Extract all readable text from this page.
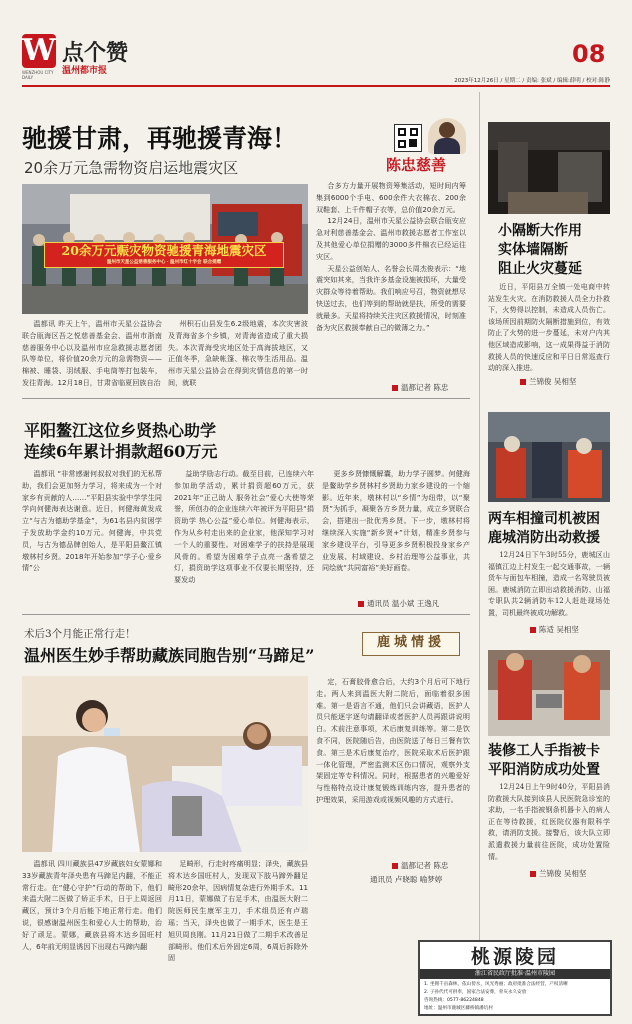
W
WENZHOU CITY DAILY
点个赞
温州都市报
08
2023年12月26日 / 星期二 / 责编: 张斌 / 编辑:薛明 / 校对:陈静
驰援甘肃，再驰援青海！
20余万元急需物资启运地震灾区	陈忠慈善
20余万元赈灾物资驰援青海地震灾区
温州市天星公益慈善服务中心 · 温州市红十字会 联合捐赠
温都讯 昨天上午，温州市天星公益协会联合瓯海区吾之悦慈善基金会、温州市浙南慈善服务中心以及温州市应急救援志愿者团队等单位，将价值20余万元的急需物资——棉被、睡袋、羽绒服、手电筒等打包装车，发往青海。12月18日，甘肃省临夏回族自治
州积石山县发生6.2级地震，本次灾害波及青海省多个乡镇，对青海省造成了重大损失。本次青海受灾地区处于高海拔地区，又正值冬季，急缺帐篷、棉衣等生活用品。温州市天星公益协会在得到灾情信息的第一时间，就联

合多方力量开展物资筹集活动，短时间内筹集到6000个手电、600余件大衣棉衣、200余双鞋套、上千件帽子衣等，总价值20余万元。

12月24日，温州市天星公益协会联合瓯安应急对利慈善基金会、温州市救援志愿者工作室以及其他爱心单位捐赠的3000多件棉衣已经运往灾区。

天星公益创始人、名誉会长周杰俊表示：“地震突如其来，当我许多基金设施被损坏，大量受灾群众等待着帮助。我们响应号召，物资就想尽快送过去，也们等到的帮助就是扶，所受的需要就最多。天星将持续关注灾区救援情况，时刻准备为灾区救援奉献自己的微薄之力。”

温都记者 陈忠
平阳鳌江这位乡贤热心助学
连续6年累计捐款超60万元
温都讯 “非常感谢何叔叔对我们的无私帮助，我们会更加努力学习，将来成为一个对家乡有贡献的人……”平阳县实验中学学生同学向何健海表达谢意。近日，何健海黄发成立“与古为德助学基金”，为61名县内贫困学子发放助学金约10万元。何健海，中共党员，与古为德品牌创始人，是平阳县鳌江镇墩林村乡贤。2018年开始参加“学子心·爱乡情”公
益助学励志行动。截至目前，已连续六年参加助学活动，累计捐资超60万元，获2021年“正己助人 服务社会”爱心大使等荣誉，所创办的企业连续六年被评为平阳县“捐资助学 热心公益”爱心单位。何健海表示，作为从乡村走出来的企业家，他深知学习对一个人的重要性。对困难学子的扶持是展现风骨的。希望为困难学子点亮一盏希望之灯，捐资助学这项事业不仅要长期坚持，还要发动
更多乡贤慷慨解囊，助力学子圆梦。何健海是鳌助学乡贤林村乡贤助力家乡建设的一个缩影。近年来，墩林村以“乡情”为纽带，以“聚贤”为抓手，凝聚各方乡贤力量，成立乡贤联合会，搭建出一批优秀乡贤。下一步，墩林村将继续深入实施“新乡贤+”计划，精准乡贤参与家乡建设平台，引导更多乡贤积极投身家乡产业发展、村域建设、乡村治理等公益事业，共同绘就“共同富裕”美好画卷。
通讯员 温小斌 王逸凡
术后3个月能正常行走！
温州医生妙手帮助藏族同胞告别“马蹄足”
鹿城情援
温都讯 四川藏族县47岁藏族妇女蒙娜和33岁藏族青年泽央患有马蹄足内翻，不能正常行走。在“健心守护”行动的帮助下，他们来温大附二医做了矫正手术，日于上周返回藏区，预计3个月后能下地正常行走。他们说，很感谢温州医生和爱心人士的帮助，治好了顽足。蒙娜，藏族县将木达乡国旺村人，6年前无明显诱因下出现右马蹄内翻
足畸形，行走时疼痛明显；泽央，藏族县将木达乡国旺村人，发现双下肢马蹄外翻足畸形20余年，因病情复杂进行外期手术。11月11日，蒙娜做了右足手术，由温医大附二院医师民生康军主刀，手术组员还有卢瑞瑶；当天，泽央也做了一期手术，医生是王旭贝周良刚。11月21日做了二期手术改善足部畸形。他们术后外固定6周，6周后拆除外固
定，石膏胶骨愈合后，大约3个月后可下地行走。两人来到温医大附二院后，面临着很多困难。第一是语言不通，他们只会讲藏语，医护人员只能逐字逐句请翻译或者医护人员再跟讲说明白。术前注意事项，术后康复训练等。第二是饮食不同，医院随后告，由医院送了每日三餐有饮食。第三是术后康复治疗，医院采取术后医护跟一体化管理，严密监测术区伤口情况，观察外支架固定等专科情况。同时，根据患者的兴趣爱好与性格特点设计康复锻炼训练内容，提升患者的护理效果，采用游戏或视频风趣的方式进行。
温都记者 陈忠
通讯员 卢晓聪 喻梦婷
小隔断大作用
实体墙隔断
阻止火灾蔓延
近日，平阳县万全镇一处电商中转站发生火灾。在消防救援人员全力扑救下，火势得以控制，未造成人员伤亡。该场所因前期防火隔断措施到位，有效防止了火势的进一步蔓延，未对户内其他区域造成影响，这一成果得益于消防救援人员的快速反应和平日日常巡查行动的深入推进。
兰锦俊 吴相坚
两车相撞司机被困
鹿城消防出动救援
12月24日下午3时55分，鹿城区山福镇江边上村发生一起交通事故，一辆货车与面包车相撞，造成一名驾驶员被困。鹿城消防立即出动救援消防、山福专职队共2辆消防车12人赶赴现场处置，司机最终被成功解救。
陈适 吴相坚
装修工人手指被卡
平阳消防成功处置
12月24日上午9时40分，平阳县消防救援大队接到该县人民医院急诊室的求助，一名手指被钢条机器卡入的病人正在等待救援，红医院仪器有限科学救，请消防支援。接警后，该大队立即派遣救援力量前往医院，成功处置险情。
兰锦俊 吴相坚
桃源陵园
浙江省民政厅批准·温州市陵园
1. 坐拥千亩森林，依山傍水，风光秀丽；政府批准合法经营，产权清晰
2. 子孙代代可供奉，国家合法安葬，骨灰永久安放
咨询热线：0577-86224848
地址：温州市鹿城区藤桥镇潘坑村
